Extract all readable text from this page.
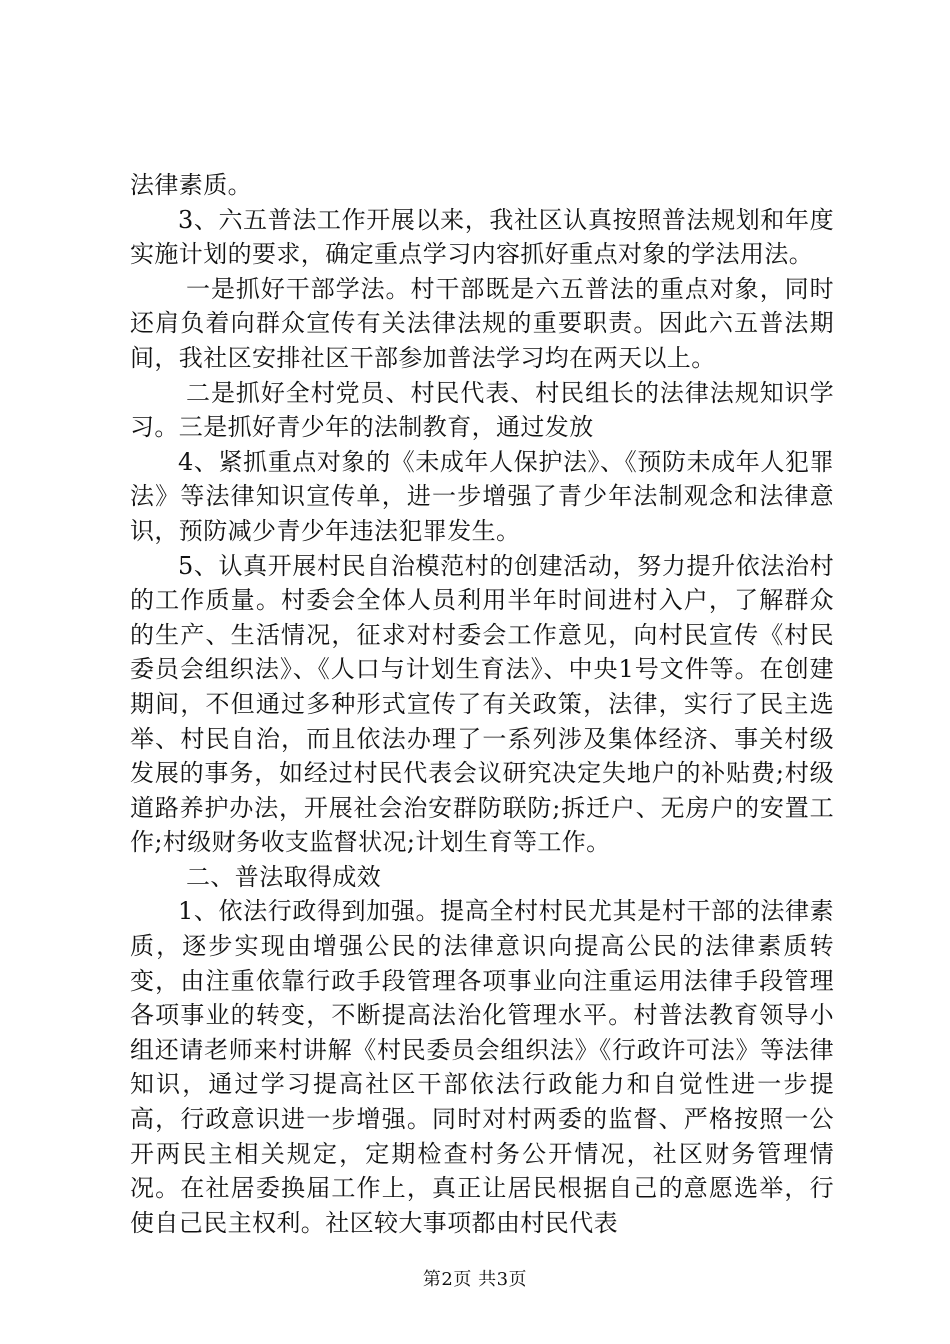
法律素质。

3、六五普法工作开展以来，我社区认真按照普法规划和年度实施计划的要求，确定重点学习内容抓好重点对象的学法用法。

一是抓好干部学法。村干部既是六五普法的重点对象，同时还肩负着向群众宣传有关法律法规的重要职责。因此六五普法期间，我社区安排社区干部参加普法学习均在两天以上。

二是抓好全村党员、村民代表、村民组长的法律法规知识学习。三是抓好青少年的法制教育，通过发放

4、紧抓重点对象的《未成年人保护法》、《预防未成年人犯罪法》等法律知识宣传单，进一步增强了青少年法制观念和法律意识，预防减少青少年违法犯罪发生。

5、认真开展村民自治模范村的创建活动，努力提升依法治村的工作质量。村委会全体人员利用半年时间进村入户，了解群众的生产、生活情况，征求对村委会工作意见，向村民宣传《村民委员会组织法》、《人口与计划生育法》、中央1号文件等。在创建期间，不但通过多种形式宣传了有关政策，法律，实行了民主选举、村民自治，而且依法办理了一系列涉及集体经济、事关村级发展的事务，如经过村民代表会议研究决定失地户的补贴费;村级道路养护办法，开展社会治安群防联防;拆迁户、无房户的安置工作;村级财务收支监督状况;计划生育等工作。

二、普法取得成效

1、依法行政得到加强。提高全村村民尤其是村干部的法律素质，逐步实现由增强公民的法律意识向提高公民的法律素质转变，由注重依靠行政手段管理各项事业向注重运用法律手段管理各项事业的转变，不断提高法治化管理水平。村普法教育领导小组还请老师来村讲解《村民委员会组织法》《行政许可法》等法律知识，通过学习提高社区干部依法行政能力和自觉性进一步提高，行政意识进一步增强。同时对村两委的监督、严格按照一公开两民主相关规定，定期检查村务公开情况，社区财务管理情况。在社居委换届工作上，真正让居民根据自己的意愿选举，行使自己民主权利。社区较大事项都由村民代表

第2页 共3页
